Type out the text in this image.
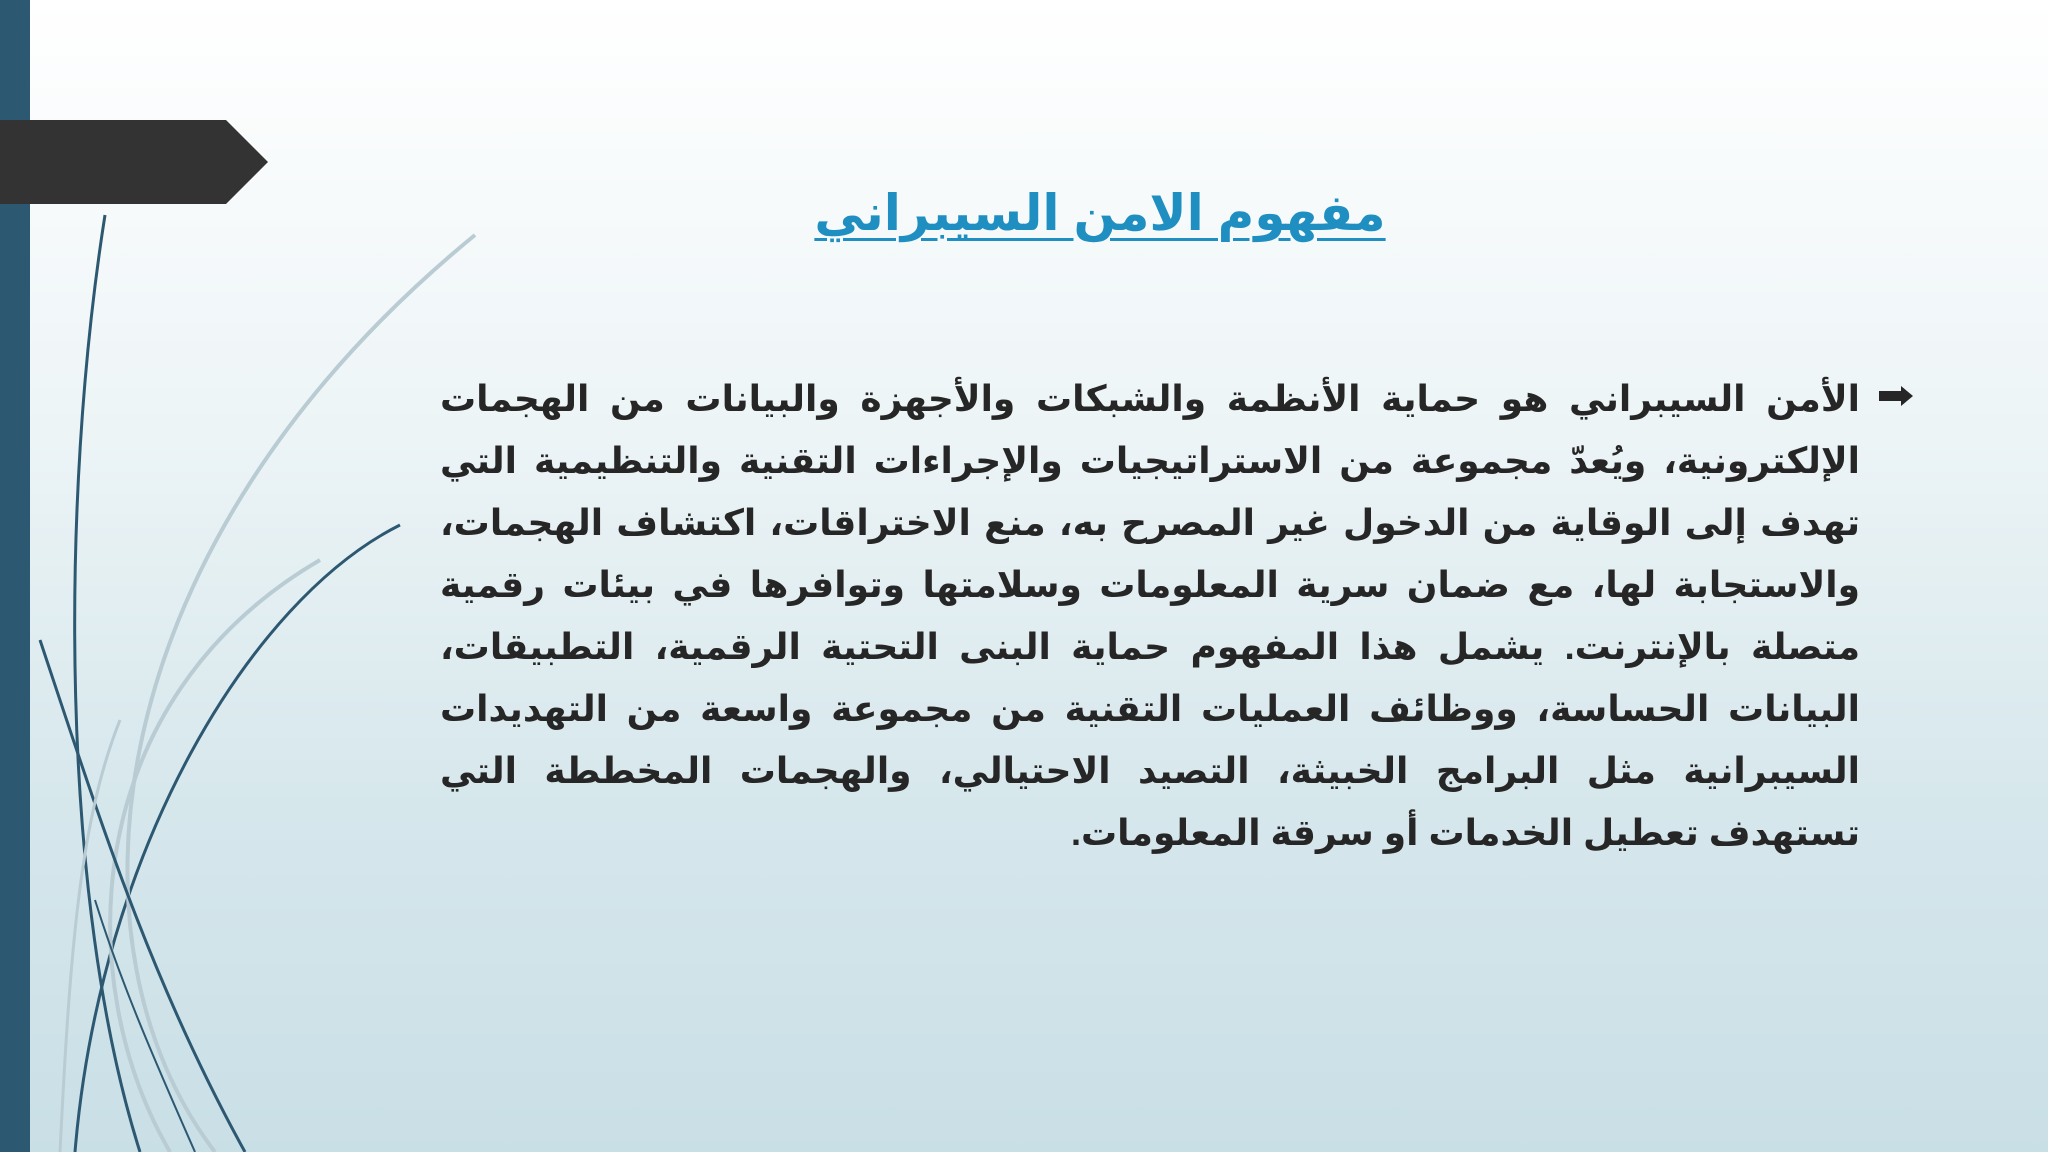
مفهوم الامن السيبراني

الأمن السيبراني هو حماية الأنظمة والشبكات والأجهزة والبيانات من الهجمات الإلكترونية، ويُعدّ مجموعة من الاستراتيجيات والإجراءات التقنية والتنظيمية التي تهدف إلى الوقاية من الدخول غير المصرح به، منع الاختراقات، اكتشاف الهجمات، والاستجابة لها، مع ضمان سرية المعلومات وسلامتها وتوافرها في بيئات رقمية متصلة بالإنترنت. يشمل هذا المفهوم حماية البنى التحتية الرقمية، التطبيقات، البيانات الحساسة، ووظائف العمليات التقنية من مجموعة واسعة من التهديدات السيبرانية مثل البرامج الخبيثة، التصيد الاحتيالي، والهجمات المخططة التي تستهدف تعطيل الخدمات أو سرقة المعلومات.
